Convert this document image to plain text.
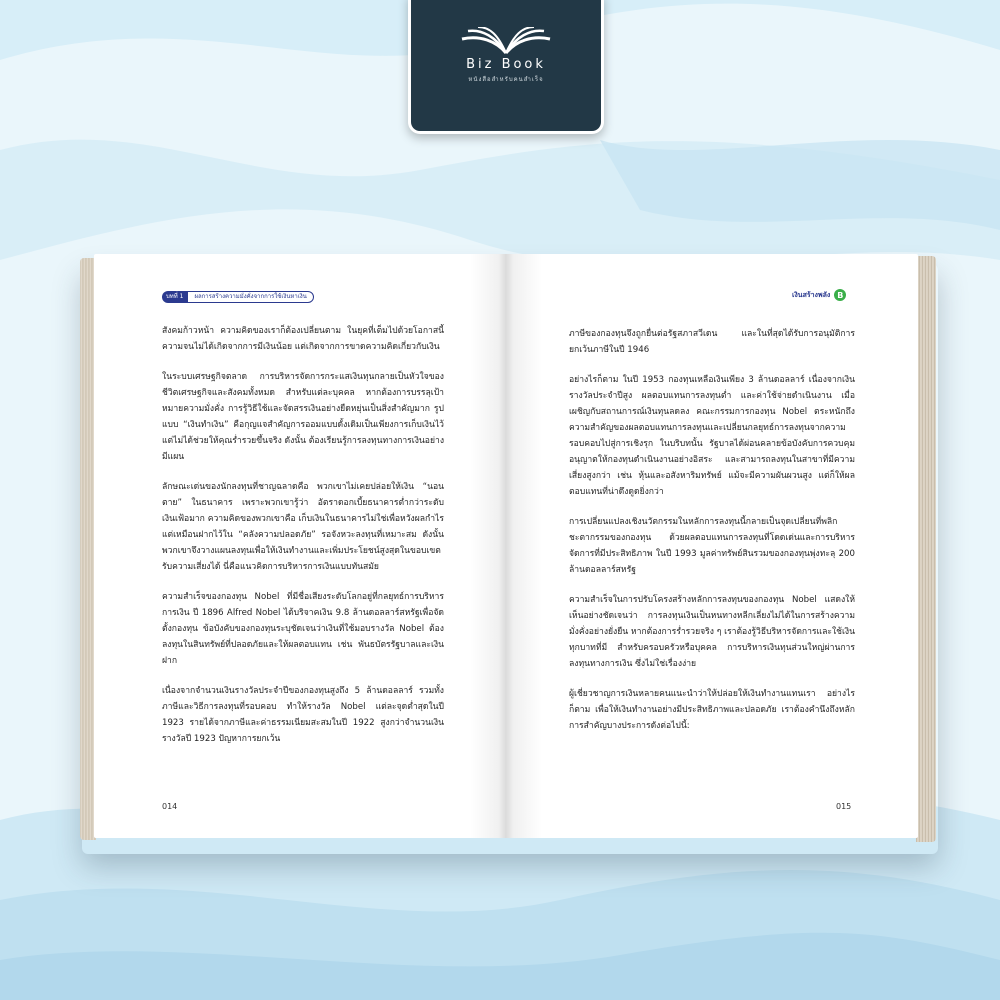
Biz Book
หนังสือสำหรับคนสำเร็จ
บทที่ 1	ผลการสร้างความมั่งคั่งจากการใช้เงินหาเงิน	เงินสร้างพลัง B

สังคมก้าวหน้า ความคิดของเราก็ต้องเปลี่ยนตาม ในยุคที่เต็มไปด้วยโอกาสนี้ ความจนไม่ได้เกิดจากการมีเงินน้อย แต่เกิดจากการขาดความคิดเกี่ยวกับเงิน

ในระบบเศรษฐกิจตลาด การบริหารจัดการกระแสเงินทุนกลายเป็นหัวใจของชีวิตเศรษฐกิจและสังคมทั้งหมด สำหรับแต่ละบุคคล หากต้องการบรรลุเป้าหมายความมั่งคั่ง การรู้วิธีใช้และจัดสรรเงินอย่างยืดหยุ่นเป็นสิ่งสำคัญมาก รูปแบบ “เงินทำเงิน” คือกุญแจสำคัญการออมแบบดั้งเดิมเป็นเพียงการเก็บเงินไว้ แต่ไม่ได้ช่วยให้คุณร่ำรวยขึ้นจริง ดังนั้น ต้องเรียนรู้การลงทุนทางการเงินอย่างมีแผน

ลักษณะเด่นของนักลงทุนที่ชาญฉลาดคือ พวกเขาไม่เคยปล่อยให้เงิน “นอนตาย” ในธนาคาร เพราะพวกเขารู้ว่า อัตราดอกเบี้ยธนาคารต่ำกว่าระดับเงินเฟ้อมาก ความคิดของพวกเขาคือ เก็บเงินในธนาคารไม่ใช่เพื่อหวังผลกำไร แต่เหมือนฝากไว้ใน “คลังความปลอดภัย” รอจังหวะลงทุนที่เหมาะสม ดังนั้น พวกเขาจึงวางแผนลงทุนเพื่อให้เงินทำงานและเพิ่มประโยชน์สูงสุดในขอบเขตรับความเสี่ยงได้ นี่คือแนวคิดการบริหารการเงินแบบทันสมัย

ความสำเร็จของกองทุน Nobel ที่มีชื่อเสียงระดับโลกอยู่ที่กลยุทธ์การบริหารการเงิน ปี 1896 Alfred Nobel ได้บริจาคเงิน 9.8 ล้านดอลลาร์สหรัฐเพื่อจัดตั้งกองทุน ข้อบังคับของกองทุนระบุชัดเจนว่าเงินที่ใช้มอบรางวัล Nobel ต้องลงทุนในสินทรัพย์ที่ปลอดภัยและให้ผลตอบแทน เช่น พันธบัตรรัฐบาลและเงินฝาก

เนื่องจากจำนวนเงินรางวัลประจำปีของกองทุนสูงถึง 5 ล้านดอลลาร์ รวมทั้งภาษีและวิธีการลงทุนที่รอบคอบ ทำให้รางวัล Nobel แต่ละจุดต่ำสุดในปี 1923 รายได้จากภาษีและค่าธรรมเนียมสะสมในปี 1922 สูงกว่าจำนวนเงินรางวัลปี 1923 ปัญหาการยกเว้น

ภาษีของกองทุนจึงถูกยื่นต่อรัฐสภาสวีเดน และในที่สุดได้รับการอนุมัติการยกเว้นภาษีในปี 1946

อย่างไรก็ตาม ในปี 1953 กองทุนเหลือเงินเพียง 3 ล้านดอลลาร์ เนื่องจากเงินรางวัลประจำปีสูง ผลตอบแทนการลงทุนต่ำ และค่าใช้จ่ายดำเนินงาน เมื่อเผชิญกับสถานการณ์เงินทุนลดลง คณะกรรมการกองทุน Nobel ตระหนักถึงความสำคัญของผลตอบแทนการลงทุนและเปลี่ยนกลยุทธ์การลงทุนจากความรอบคอบไปสู่การเชิงรุก ในบริบทนั้น รัฐบาลได้ผ่อนคลายข้อบังคับการควบคุมอนุญาตให้กองทุนดำเนินงานอย่างอิสระ และสามารถลงทุนในสาขาที่มีความเสี่ยงสูงกว่า เช่น หุ้นและอสังหาริมทรัพย์ แม้จะมีความผันผวนสูง แต่ก็ให้ผลตอบแทนที่น่าดึงดูดยิ่งกว่า

การเปลี่ยนแปลงเชิงนวัตกรรมในหลักการลงทุนนี้กลายเป็นจุดเปลี่ยนที่พลิกชะตากรรมของกองทุน ด้วยผลตอบแทนการลงทุนที่โดดเด่นและการบริหารจัดการที่มีประสิทธิภาพ ในปี 1993 มูลค่าทรัพย์สินรวมของกองทุนพุ่งทะลุ 200 ล้านดอลลาร์สหรัฐ

ความสำเร็จในการปรับโครงสร้างหลักการลงทุนของกองทุน Nobel แสดงให้เห็นอย่างชัดเจนว่า การลงทุนเงินเป็นหนทางหลีกเลี่ยงไม่ได้ในการสร้างความมั่งคั่งอย่างยั่งยืน หากต้องการร่ำรวยจริง ๆ เราต้องรู้วิธีบริหารจัดการและใช้เงินทุกบาทที่มี สำหรับครอบครัวหรือบุคคล การบริหารเงินทุนส่วนใหญ่ผ่านการลงทุนทางการเงิน ซึ่งไม่ใช่เรื่องง่าย

ผู้เชี่ยวชาญการเงินหลายคนแนะนำว่าให้ปล่อยให้เงินทำงานแทนเรา อย่างไรก็ตาม เพื่อให้เงินทำงานอย่างมีประสิทธิภาพและปลอดภัย เราต้องคำนึงถึงหลักการสำคัญบางประการดังต่อไปนี้:

014	015
